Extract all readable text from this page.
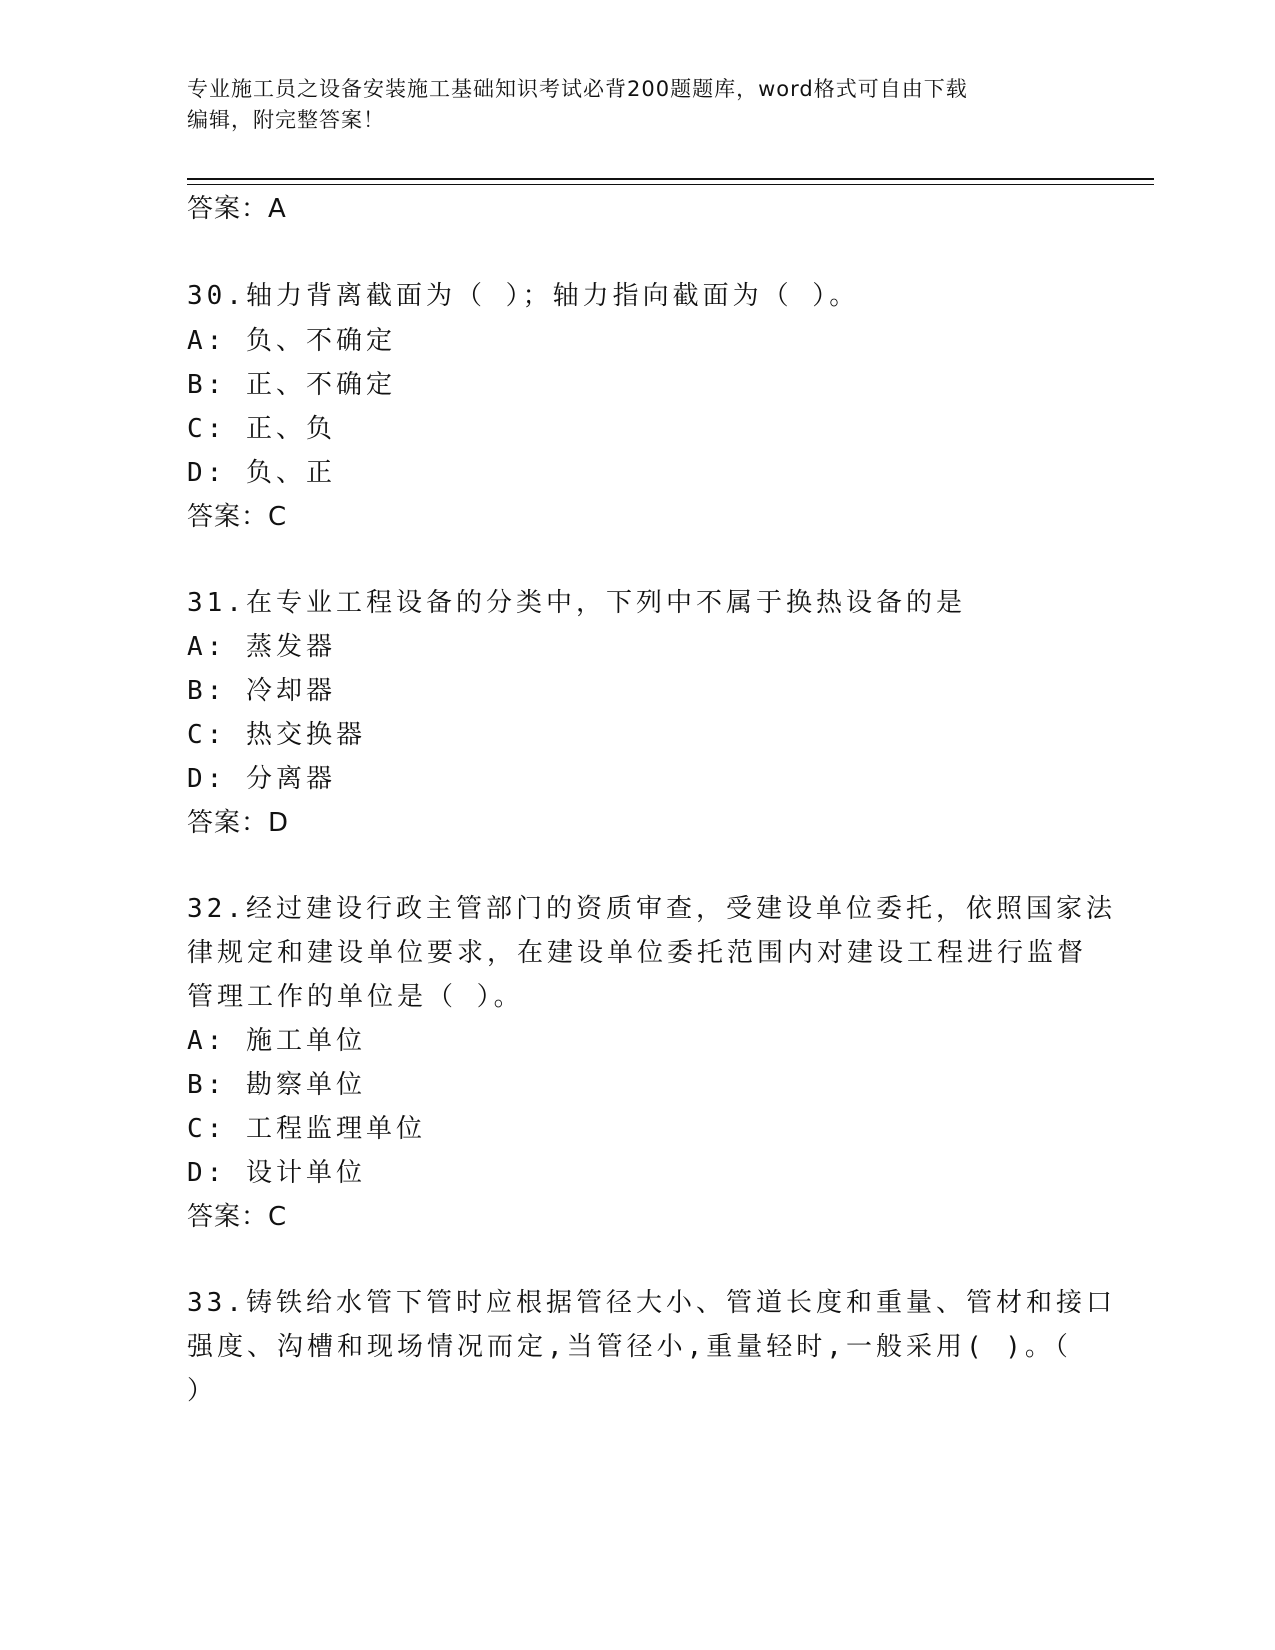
专业施工员之设备安装施工基础知识考试必背200题题库，word格式可自由下载
编辑，附完整答案！
答案：A
30.轴力背离截面为（ ）；轴力指向截面为（ ）。
A: 负、不确定
B: 正、不确定
C: 正、负
D: 负、正
答案：C
31.在专业工程设备的分类中，下列中不属于换热设备的是
A: 蒸发器
B: 冷却器
C: 热交换器
D: 分离器
答案：D
32.经过建设行政主管部门的资质审查，受建设单位委托，依照国家法
律规定和建设单位要求，在建设单位委托范围内对建设工程进行监督
管理工作的单位是（ ）。
A: 施工单位
B: 勘察单位
C: 工程监理单位
D: 设计单位
答案：C
33.铸铁给水管下管时应根据管径大小、管道长度和重量、管材和接口
强度、沟槽和现场情况而定,当管径小,重量轻时,一般采用( )。（
）
